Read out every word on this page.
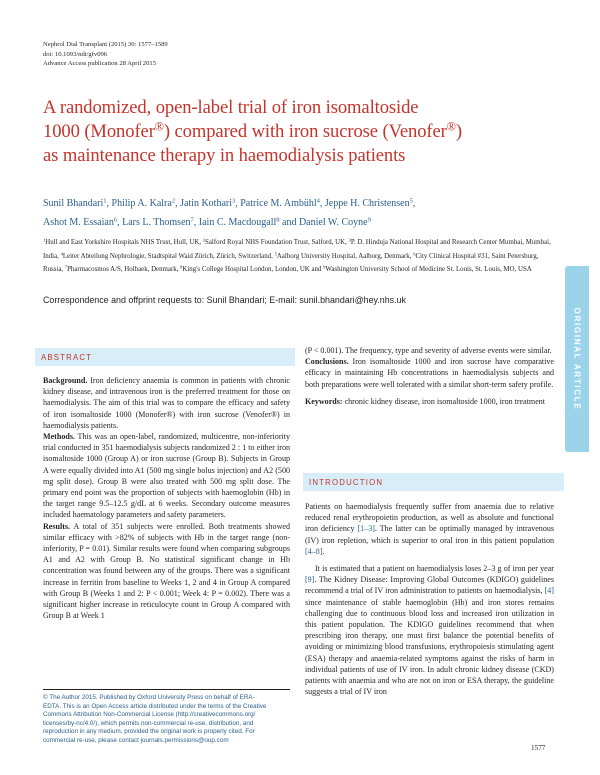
Nephrol Dial Transplant (2015) 30: 1577–1589
doi: 10.1093/ndt/gfv096
Advance Access publication 28 April 2015
A randomized, open-label trial of iron isomaltoside
1000 (Monofer®) compared with iron sucrose (Venofer®)
as maintenance therapy in haemodialysis patients
Sunil Bhandari$^1$, Philip A. Kalra$^2$, Jatin Kothari$^3$, Patrice M. Ambühl$^4$, Jeppe H. Christensen$^5$,
Ashot M. Essaian$^6$, Lars L. Thomsen$^7$, Iain C. Macdougall$^8$ and Daniel W. Coyne$^9$
$^1$Hull and East Yorkshire Hospitals NHS Trust, Hull, UK, $^2$Salford Royal NHS Foundation Trust, Salford, UK, $^3$P. D. Hinduja National Hospital and Research Center Mumbai, Mumbai, India, $^4$Leiter Abteilung Nephrologie, Stadtspital Waid Zürich, Zürich, Switzerland, $^5$Aalborg University Hospital, Aalborg, Denmark, $^6$City Clinical Hospital #31, Saint Petersburg, Russia, $^7$Pharmacosmos A/S, Holbaek, Denmark, $^8$King's College Hospital London, London, UK and $^9$Washington University School of Medicine St. Louis, St. Louis, MO, USA
Correspondence and offprint requests to: Sunil Bhandari; E-mail: sunil.bhandari@hey.nhs.uk
ORIGINAL ARTICLE
ABSTRACT

Background. Iron deficiency anaemia is common in patients with chronic kidney disease, and intravenous iron is the preferred treatment for those on haemodialysis. The aim of this trial was to compare the efficacy and safety of iron isomaltoside 1000 (Monofer®) with iron sucrose (Venofer®) in haemodialysis patients.

Methods. This was an open-label, randomized, multicentre, non-inferiority trial conducted in 351 haemodialysis subjects randomized 2 : 1 to either iron isomaltoside 1000 (Group A) or iron sucrose (Group B). Subjects in Group A were equally divided into A1 (500 mg single bolus injection) and A2 (500 mg split dose). Group B were also treated with 500 mg split dose. The primary end point was the proportion of subjects with haemoglobin (Hb) in the target range 9.5–12.5 g/dL at 6 weeks. Secondary outcome measures included haematology parameters and safety parameters.

Results. A total of 351 subjects were enrolled. Both treatments showed similar efficacy with >82% of subjects with Hb in the target range (non-inferiority, P = 0.01). Similar results were found when comparing subgroups A1 and A2 with Group B. No statistical significant change in Hb concentration was found between any of the groups. There was a significant increase in ferritin from baseline to Weeks 1, 2 and 4 in Group A compared with Group B (Weeks 1 and 2: P < 0.001; Week 4: P = 0.002). There was a significant higher increase in reticulocyte count in Group A compared with Group B at Week 1

(P < 0.001). The frequency, type and severity of adverse events were similar.

Conclusions. Iron isomaltoside 1000 and iron sucrose have comparative efficacy in maintaining Hb concentrations in haemodialysis subjects and both preparations were well tolerated with a similar short-term safety profile.

Keywords: chronic kidney disease, iron isomaltoside 1000, iron treatment

INTRODUCTION

Patients on haemodialysis frequently suffer from anaemia due to relative reduced renal erythropoietin production, as well as absolute and functional iron deficiency [1–3]. The latter can be optimally managed by intravenous (IV) iron repletion, which is superior to oral iron in this patient population [4–8].

It is estimated that a patient on haemodialysis loses 2–3 g of iron per year [9]. The Kidney Disease: Improving Global Outcomes (KDIGO) guidelines recommend a trial of IV iron administration to patients on haemodialysis, [4] since maintenance of stable haemoglobin (Hb) and iron stores remains challenging due to continuous blood loss and increased iron utilization in this patient population. The KDIGO guidelines recommend that when prescribing iron therapy, one must first balance the potential benefits of avoiding or minimizing blood transfusions, erythropoiesis stimulating agent (ESA) therapy and anaemia-related symptoms against the risks of harm in individual patients of use of IV iron. In adult chronic kidney disease (CKD) patients with anaemia and who are not on iron or ESA therapy, the guideline suggests a trial of IV iron

© The Author 2015. Published by Oxford University Press on behalf of ERA-
EDTA. This is an Open Access article distributed under the terms of the Creative
Commons Attribution Non-Commercial License (http://creativecommons.org/
licenses/by-nc/4.0/), which permits non-commercial re-use, distribution, and
reproduction in any medium, provided the original work is properly cited. For
commercial re-use, please contact journals.permissions@oup.com
1577
